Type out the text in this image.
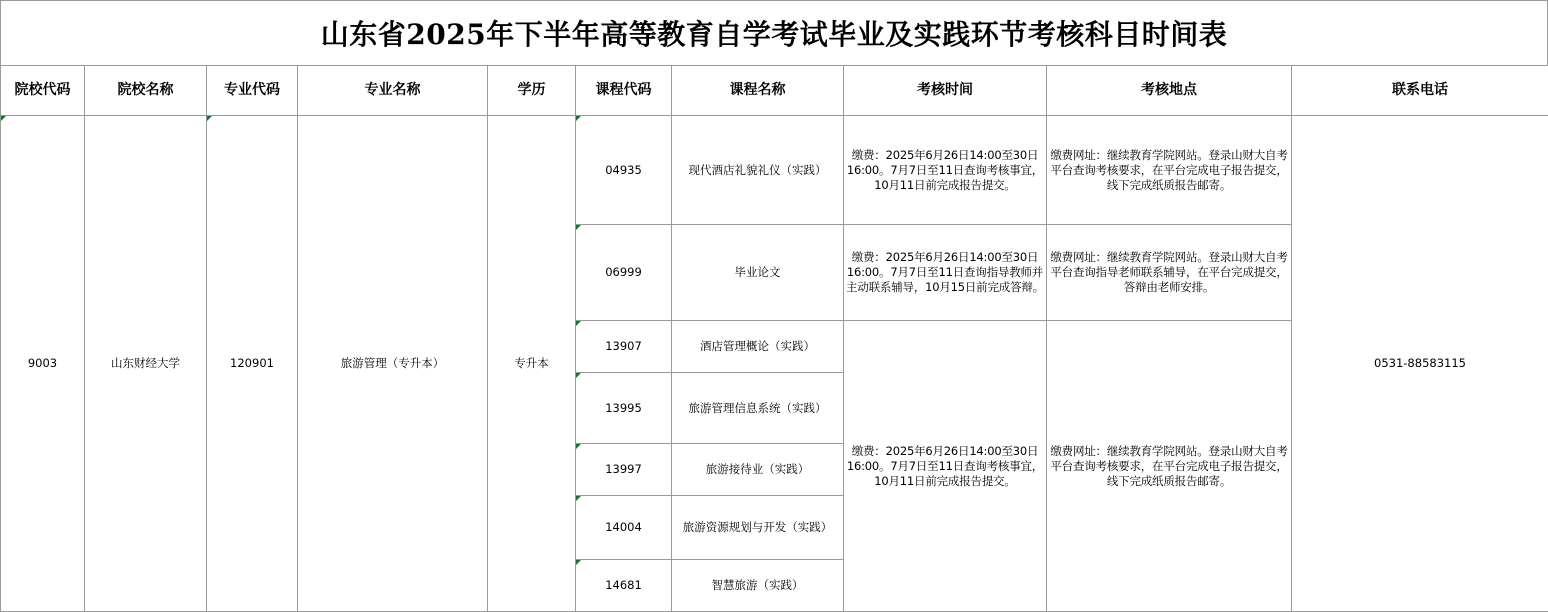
山东省2025年下半年高等教育自学考试毕业及实践环节考核科目时间表
院校代码	院校名称	专业代码	专业名称	学历	课程代码	课程名称	考核时间	考核地点	联系电话
9003	山东财经大学	120901	旅游管理（专升本）	专升本	04935	现代酒店礼貌礼仪（实践）	缴费：2025年6月26日14:00至30日16:00。7月7日至11日查询考核事宜，10月11日前完成报告提交。	缴费网址：继续教育学院网站。登录山财大自考平台查询考核要求，在平台完成电子报告提交，线下完成纸质报告邮寄。	0531-88583115
					06999	毕业论文	缴费：2025年6月26日14:00至30日16:00。7月7日至11日查询指导教师并主动联系辅导，10月15日前完成答辩。	缴费网址：继续教育学院网站。登录山财大自考平台查询指导老师联系辅导，在平台完成提交，答辩由老师安排。	
					13907	酒店管理概论（实践）	缴费：2025年6月26日14:00至30日16:00。7月7日至11日查询考核事宜，10月11日前完成报告提交。	缴费网址：继续教育学院网站。登录山财大自考平台查询考核要求，在平台完成电子报告提交，线下完成纸质报告邮寄。	
					13995	旅游管理信息系统（实践）			
					13997	旅游接待业（实践）			
					14004	旅游资源规划与开发（实践）			
					14681	智慧旅游（实践）			
